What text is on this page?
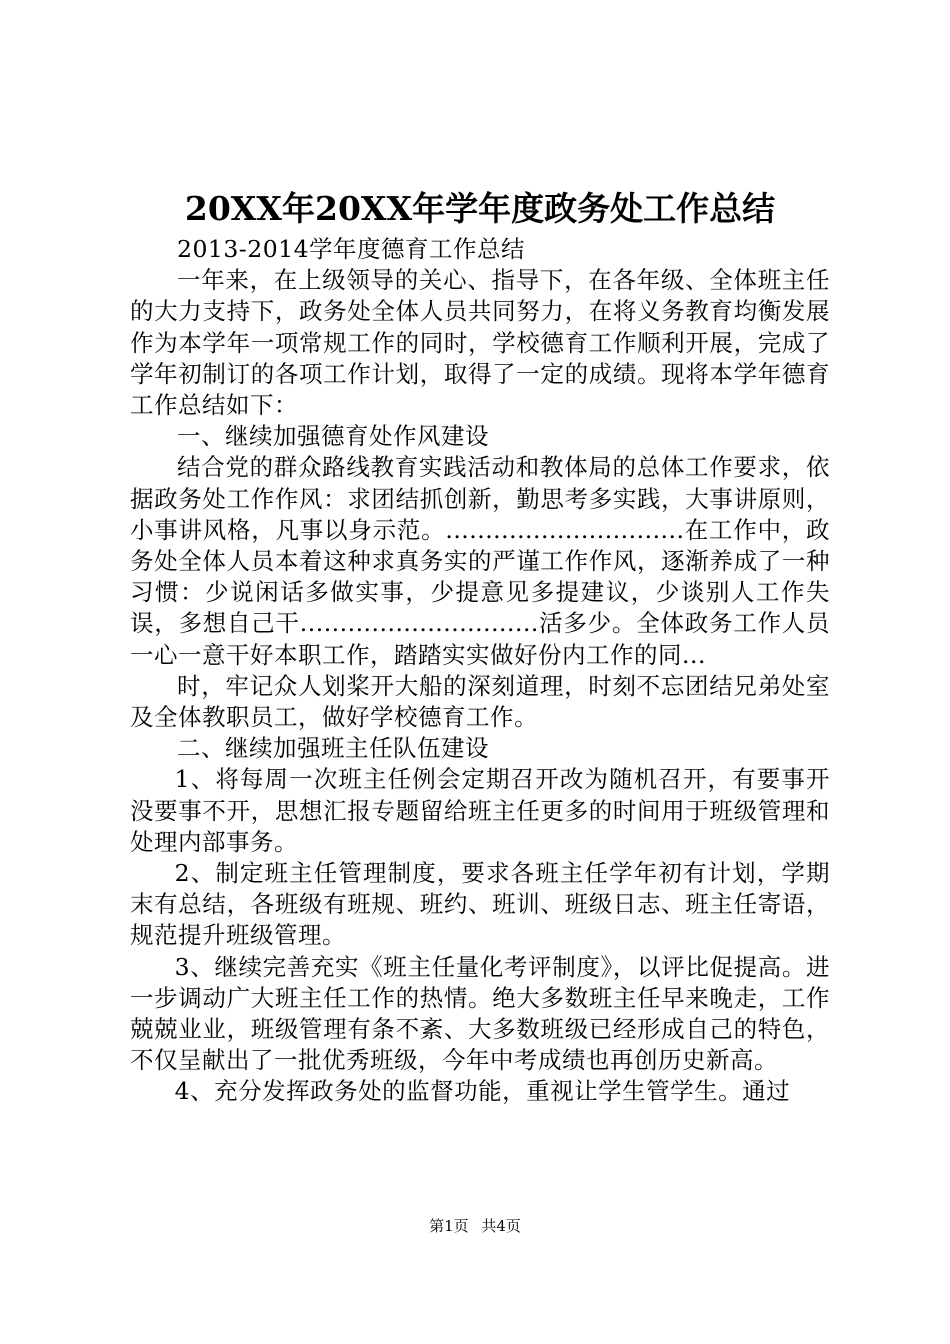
20XX年20XX年学年度政务处工作总结

2013-2014学年度德育工作总结

一年来，在上级领导的关心、指导下，在各年级、全体班主任的大力支持下，政务处全体人员共同努力，在将义务教育均衡发展作为本学年一项常规工作的同时，学校德育工作顺利开展，完成了学年初制订的各项工作计划，取得了一定的成绩。现将本学年德育工作总结如下：

一、继续加强德育处作风建设

结合党的群众路线教育实践活动和教体局的总体工作要求，依据政务处工作作风：求团结抓创新，勤思考多实践，大事讲原则，小事讲风格，凡事以身示范。..............................在工作中，政务处全体人员本着这种求真务实的严谨工作作风，逐渐养成了一种习惯：少说闲话多做实事，少提意见多提建议，少谈别人工作失误，多想自己干..............................活多少。全体政务工作人员一心一意干好本职工作，踏踏实实做好份内工作的同...

时，牢记众人划桨开大船的深刻道理，时刻不忘团结兄弟处室及全体教职员工，做好学校德育工作。

二、继续加强班主任队伍建设

1、将每周一次班主任例会定期召开改为随机召开，有要事开没要事不开，思想汇报专题留给班主任更多的时间用于班级管理和处理内部事务。

2、制定班主任管理制度，要求各班主任学年初有计划，学期末有总结，各班级有班规、班约、班训、班级日志、班主任寄语，规范提升班级管理。

3、继续完善充实《班主任量化考评制度》，以评比促提高。进一步调动广大班主任工作的热情。绝大多数班主任早来晚走，工作兢兢业业，班级管理有条不紊、大多数班级已经形成自己的特色，不仅呈献出了一批优秀班级，今年中考成绩也再创历史新高。

4、充分发挥政务处的监督功能，重视让学生管学生。通过

第1页 共4页
